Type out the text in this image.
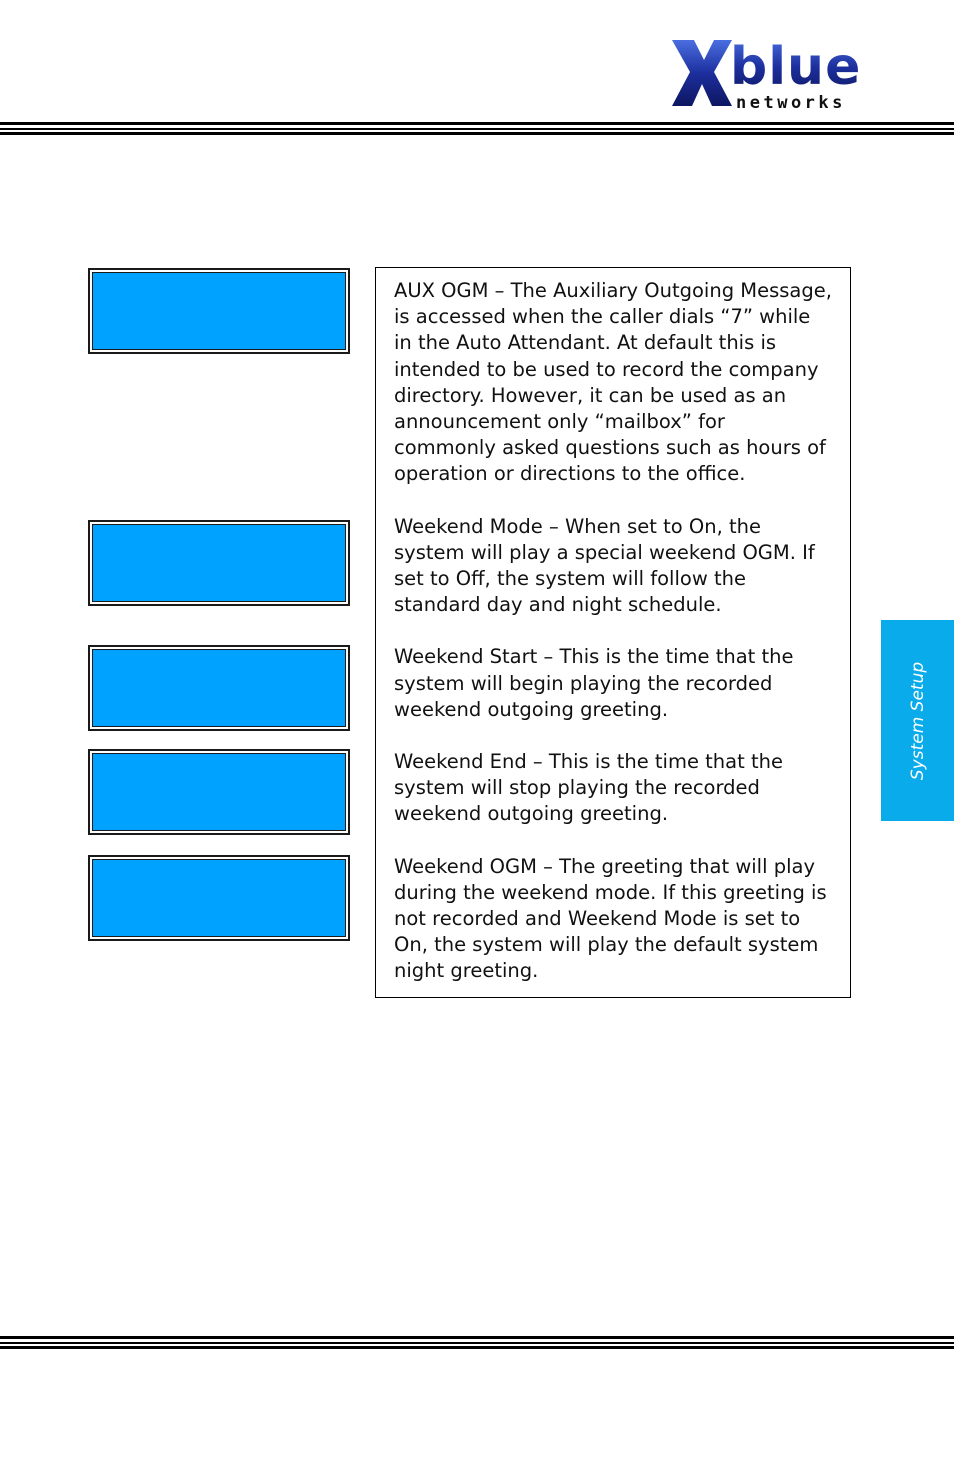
blue
networks

AUX OGM – The Auxiliary Outgoing Message, is accessed when the caller dials “7” while in the Auto Attendant. At default this is intended to be used to record the company directory. However, it can be used as an announcement only “mailbox” for commonly asked questions such as hours of operation or directions to the office.

Weekend Mode – When set to On, the system will play a special weekend OGM. If set to Off, the system will follow the standard day and night schedule.

Weekend Start – This is the time that the system will begin playing the recorded weekend outgoing greeting.

Weekend End – This is the time that the system will stop playing the recorded weekend outgoing greeting.

Weekend OGM – The greeting that will play during the weekend mode. If this greeting is not recorded and Weekend Mode is set to On, the system will play the default system night greeting.

System Setup
